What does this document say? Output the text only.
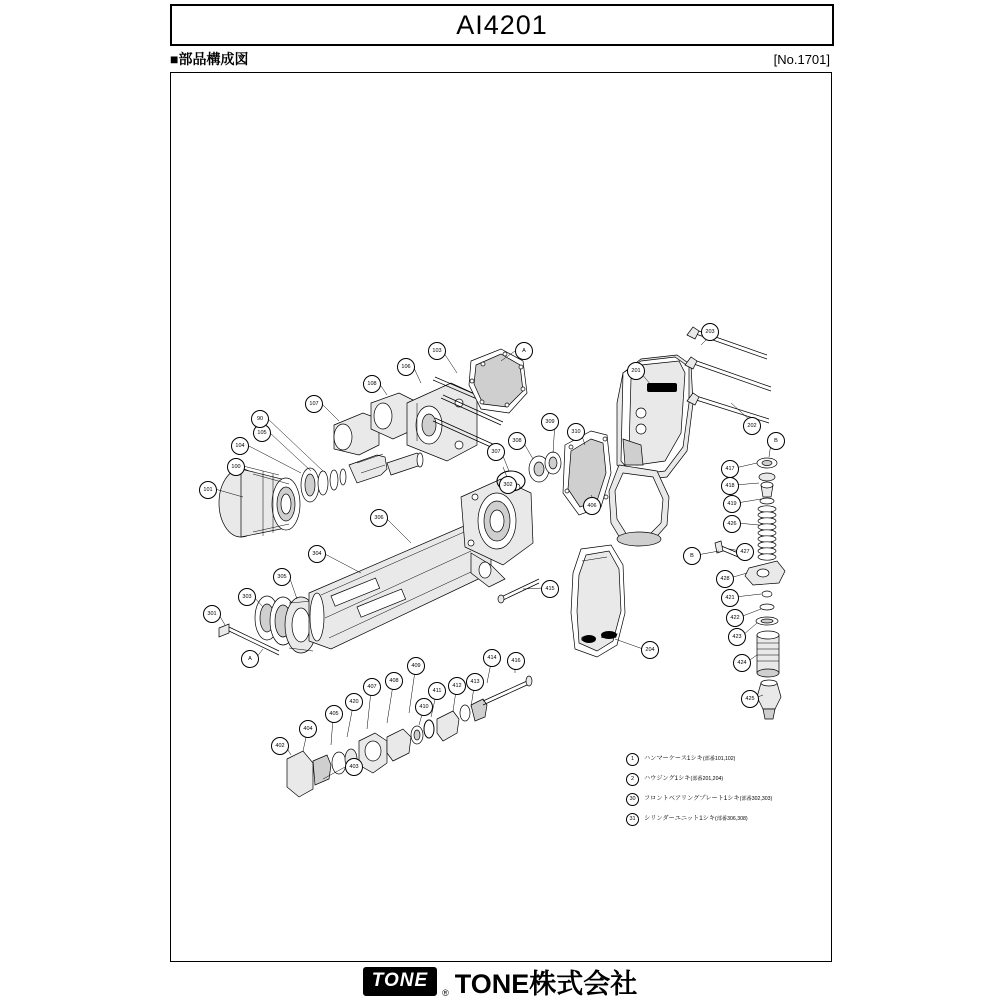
AI4201
■部品構成図	[No.1701]
TONE
OIL DAILY
101
100
104
105
90
107
108
106
103	A
302
306
304
305
303
301
A
307
308
309
310
406
201
202
203
B
417
418
419
426
427
B
428
421
422
423
424
425
204
415
416
414
413
412
411
410
409
408
407
420
405
404
402
403
1	ハンマーケース1シキ(部番101,102)
2	ハウジング1シキ(部番201,204)
30	フロントベアリングプレート1シキ(部番302,303)
31	シリンダーユニット1シキ(部番306,308)
TONE
® TONE株式会社
